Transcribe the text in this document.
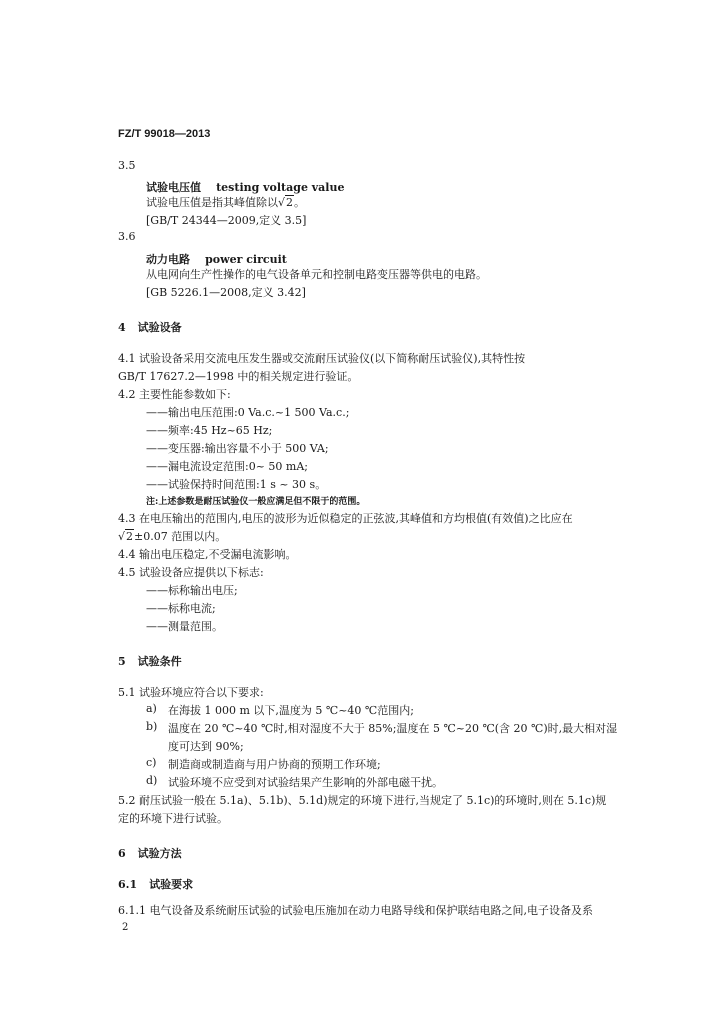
FZ/T 99018—2013
3.5
试验电压值 testing voltage value
试验电压值是指其峰值除以√2。
[GB/T 24344—2009,定义 3.5]
3.6
动力电路 power circuit
从电网向生产性操作的电气设备单元和控制电路变压器等供电的电路。
[GB 5226.1—2008,定义 3.42]
4 试验设备
4.1 试验设备采用交流电压发生器或交流耐压试验仪(以下简称耐压试验仪),其特性按
GB/T 17627.2—1998 中的相关规定进行验证。
4.2 主要性能参数如下:
——输出电压范围:0 Va.c.~1 500 Va.c.;
——频率:45 Hz~65 Hz;
——变压器:输出容量不小于 500 VA;
——漏电流设定范围:0~ 50 mA;
——试验保持时间范围:1 s ~ 30 s。
注:上述参数是耐压试验仪一般应满足但不限于的范围。
4.3 在电压输出的范围内,电压的波形为近似稳定的正弦波,其峰值和方均根值(有效值)之比应在
√2±0.07 范围以内。
4.4 输出电压稳定,不受漏电流影响。
4.5 试验设备应提供以下标志:
——标称输出电压;
——标称电流;
——测量范围。
5 试验条件
5.1 试验环境应符合以下要求:
a) 在海拔 1 000 m 以下,温度为 5 ℃~40 ℃范围内;
b) 温度在 20 ℃~40 ℃时,相对湿度不大于 85%;温度在 5 ℃~20 ℃(含 20 ℃)时,最大相对湿
度可达到 90%;
c) 制造商或制造商与用户协商的预期工作环境;
d) 试验环境不应受到对试验结果产生影响的外部电磁干扰。
5.2 耐压试验一般在 5.1a)、5.1b)、5.1d)规定的环境下进行,当规定了 5.1c)的环境时,则在 5.1c)规
定的环境下进行试验。
6 试验方法
6.1 试验要求
6.1.1 电气设备及系统耐压试验的试验电压施加在动力电路导线和保护联结电路之间,电子设备及系
2
